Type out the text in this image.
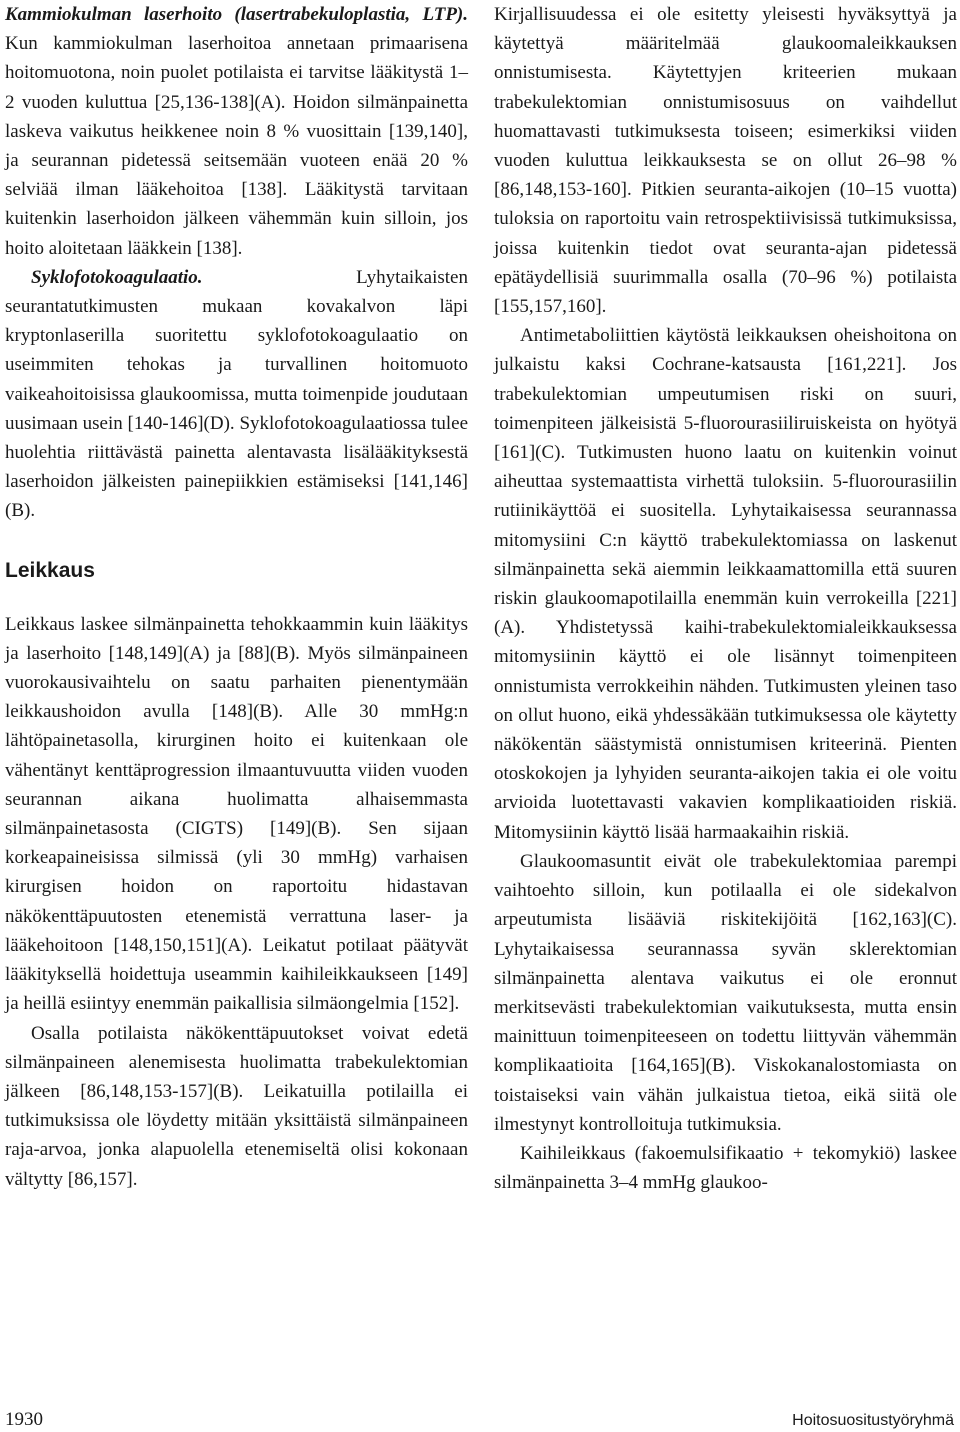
Kammiokulman laserhoito (lasertrabekuloplastia, LTP). Kun kammiokulman laserhoitoa annetaan primaarisena hoitomuotona, noin puolet potilaista ei tarvitse lääkitystä 1–2 vuoden kuluttua [25,136-138](A). Hoidon silmänpainetta laskeva vaikutus heikkenee noin 8 % vuosittain [139,140], ja seurannan pidetessä seitsemään vuoteen enää 20 % selviää ilman lääkehoitoa [138]. Lääkitystä tarvitaan kuitenkin laserhoidon jälkeen vähemmän kuin silloin, jos hoito aloitetaan lääkkein [138].

Syklofotokoagulaatio. Lyhytaikaisten seurantatutkimusten mukaan kovakalvon läpi kryptonlaserilla suoritettu syklofotokoagulaatio on useimmiten tehokas ja turvallinen hoitomuoto vaikeahoitoisissa glaukoomissa, mutta toimenpide joudutaan uusimaan usein [140-146](D). Syklofotokoagulaatiossa tulee huolehtia riittävästä painetta alentavasta lisälääkityksestä laserhoidon jälkeisten painepiikkien estämiseksi [141,146](B).

Leikkaus

Leikkaus laskee silmänpainetta tehokkaammin kuin lääkitys ja laserhoito [148,149](A) ja [88](B). Myös silmänpaineen vuorokausivaihtelu on saatu parhaiten pienentymään leikkaushoidon avulla [148](B). Alle 30 mmHg:n lähtöpainetasolla, kirurginen hoito ei kuitenkaan ole vähentänyt kenttäprogression ilmaantuvuutta viiden vuoden seurannan aikana huolimatta alhaisemmasta silmänpainetasosta (CIGTS) [149](B). Sen sijaan korkeapaineisissa silmissä (yli 30 mmHg) varhaisen kirurgisen hoidon on raportoitu hidastavan näkökenttäpuutosten etenemistä verrattuna laser- ja lääkehoitoon [148,150,151](A). Leikatut potilaat päätyvät lääkityksellä hoidettuja useammin kaihileikkaukseen [149] ja heillä esiintyy enemmän paikallisia silmäongelmia [152].

Osalla potilaista näkökenttäpuutokset voivat edetä silmänpaineen alenemisesta huolimatta trabekulektomian jälkeen [86,148,153-157](B). Leikatuilla potilailla ei tutkimuksissa ole löydetty mitään yksittäistä silmänpaineen raja-arvoa, jonka alapuolella etenemiseltä olisi kokonaan vältytty [86,157].

Kirjallisuudessa ei ole esitetty yleisesti hyväksyttyä ja käytettyä määritelmää glaukoomaleikkauksen onnistumisesta. Käytettyjen kriteerien mukaan trabekulektomian onnistumisosuus on vaihdellut huomattavasti tutkimuksesta toiseen; esimerkiksi viiden vuoden kuluttua leikkauksesta se on ollut 26–98 % [86,148,153-160]. Pitkien seuranta-aikojen (10–15 vuotta) tuloksia on raportoitu vain retrospektiivisissä tutkimuksissa, joissa kuitenkin tiedot ovat seuranta-ajan pidetessä epätäydellisiä suurimmalla osalla (70–96 %) potilaista [155,157,160].

Antimetaboliittien käytöstä leikkauksen oheishoitona on julkaistu kaksi Cochrane-katsausta [161,221]. Jos trabekulektomian umpeutumisen riski on suuri, toimenpiteen jälkeisistä 5-fluorourasiiliruiskeista on hyötyä [161](C). Tutkimusten huono laatu on kuitenkin voinut aiheuttaa systemaattista virhettä tuloksiin. 5-fluorourasiilin rutiinikäyttöä ei suositella. Lyhytaikaisessa seurannassa mitomysiini C:n käyttö trabekulektomiassa on laskenut silmänpainetta sekä aiemmin leikkaamattomilla että suuren riskin glaukoomapotilailla enemmän kuin verrokeilla [221](A). Yhdistetyssä kaihi-trabekulektomialeikkauksessa mitomysiinin käyttö ei ole lisännyt toimenpiteen onnistumista verrokkeihin nähden. Tutkimusten yleinen taso on ollut huono, eikä yhdessäkään tutkimuksessa ole käytetty näkökentän säästymistä onnistumisen kriteerinä. Pienten otoskokojen ja lyhyiden seuranta-aikojen takia ei ole voitu arvioida luotettavasti vakavien komplikaatioiden riskiä. Mitomysiinin käyttö lisää harmaakaihin riskiä.

Glaukoomasuntit eivät ole trabekulektomiaa parempi vaihtoehto silloin, kun potilaalla ei ole sidekalvon arpeutumista lisääviä riskitekijöitä [162,163](C). Lyhytaikaisessa seurannassa syvän sklerektomian silmänpainetta alentava vaikutus ei ole eronnut merkitsevästi trabekulektomian vaikutuksesta, mutta ensin mainittuun toimenpiteeseen on todettu liittyvän vähemmän komplikaatioita [164,165](B). Viskokanalostomiasta on toistaiseksi vain vähän julkaistua tietoa, eikä siitä ole ilmestynyt kontrolloituja tutkimuksia.

Kaihileikkaus (fakoemulsifikaatio + tekomykiö) laskee silmänpainetta 3–4 mmHg glaukoo-

1930	Hoitosuositustyöryhmä
